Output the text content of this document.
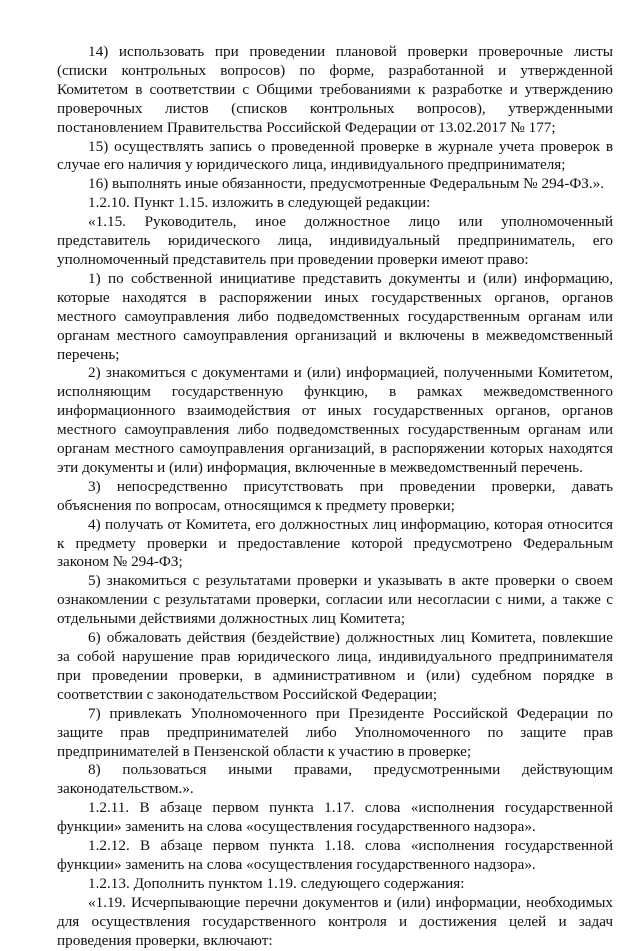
14) использовать при проведении плановой проверки проверочные листы (списки контрольных вопросов) по форме, разработанной и утвержденной Комитетом в соответствии с Общими требованиями к разработке и утверждению проверочных листов (списков контрольных вопросов), утвержденными постановлением Правительства Российской Федерации от 13.02.2017 № 177;

15) осуществлять запись о проведенной проверке в журнале учета проверок в случае его наличия у юридического лица, индивидуального предпринимателя;

16) выполнять иные обязанности, предусмотренные Федеральным № 294-ФЗ.».

1.2.10. Пункт 1.15. изложить в следующей редакции:

«1.15. Руководитель, иное должностное лицо или уполномоченный представитель юридического лица, индивидуальный предприниматель, его уполномоченный представитель при проведении проверки имеют право:

1) по собственной инициативе представить документы и (или) информацию, которые находятся в распоряжении иных государственных органов, органов местного самоуправления либо подведомственных государственным органам или органам местного самоуправления организаций и включены в межведомственный перечень;

2) знакомиться с документами и (или) информацией, полученными Комитетом, исполняющим государственную функцию, в рамках межведомственного информационного взаимодействия от иных государственных органов, органов местного самоуправления либо подведомственных государственным органам или органам местного самоуправления организаций, в распоряжении которых находятся эти документы и (или) информация, включенные в межведомственный перечень.

3) непосредственно присутствовать при проведении проверки, давать объяснения по вопросам, относящимся к предмету проверки;

4) получать от Комитета, его должностных лиц информацию, которая относится к предмету проверки и предоставление которой предусмотрено Федеральным законом № 294-ФЗ;

5) знакомиться с результатами проверки и указывать в акте проверки о своем ознакомлении с результатами проверки, согласии или несогласии с ними, а также с отдельными действиями должностных лиц Комитета;

6) обжаловать действия (бездействие) должностных лиц Комитета, повлекшие за собой нарушение прав юридического лица, индивидуального предпринимателя при проведении проверки, в административном и (или) судебном порядке в соответствии с законодательством Российской Федерации;

7) привлекать Уполномоченного при Президенте Российской Федерации по защите прав предпринимателей либо Уполномоченного по защите прав предпринимателей в Пензенской области к участию в проверке;

8) пользоваться иными правами, предусмотренными действующим законодательством.».

1.2.11. В абзаце первом пункта 1.17. слова «исполнения государственной функции» заменить на слова «осуществления государственного надзора».

1.2.12. В абзаце первом пункта 1.18. слова «исполнения государственной функции» заменить на слова «осуществления государственного надзора».

1.2.13. Дополнить пунктом 1.19. следующего содержания:

«1.19. Исчерпывающие перечни документов и (или) информации, необходимых для осуществления государственного контроля и достижения целей и задач проведения проверки, включают:
